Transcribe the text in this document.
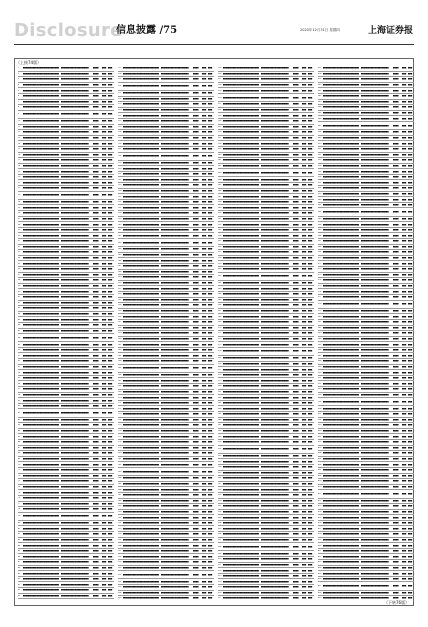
Disclosure
信息披露 /75	2020年12月31日 星期四	上海证券报
（上接74版）
1	██████████████████████████	████████████████████	████	███	███
2	██████████████████████████	████████████████████	████	███	███
3	██████████████████████████	████████████████████	████	███	███
4	██████████████████████████	████████████████████	████	███	███
5	██████████████████████████	████████████████████	████	███	███
6	██████████████████████████	████████████████████	████	███	███
7	██████████████████████████	████████████████████	████	███	███
8	██████████████████████████	████████████████████	████	███	███
9	██████████████████████████	████████████████████	████	███	███
10	██████████████████████████	████████████████████	████	███	███
11	██████████████████████████	████████████████████	████	███	███
12	██████████████████████████	████████████████████	████	███	███
13	██████████████████████████	████████████████████	████	███	███
14	██████████████████████████	████████████████████	████	███	███
15	██████████████████████████	████████████████████	████	███	███
16	██████████████████████████	████████████████████	████	███	███
17	██████████████████████████	████████████████████	████	███	███
18	██████████████████████████	████████████████████	████	███	███
19	██████████████████████████	████████████████████	████	███	███
20	██████████████████████████	████████████████████	████	███	███
21	██████████████████████████	████████████████████	████	███	███
22	██████████████████████████	████████████████████	████	███	███
23	██████████████████████████	████████████████████	████	███	███
24	██████████████████████████	████████████████████	████	███	███
25	██████████████████████████	████████████████████	████	███	███
26	██████████████████████████	████████████████████	████	███	███
27	██████████████████████████	████████████████████	████	███	███
28	██████████████████████████	████████████████████	████	███	███
29	██████████████████████████	████████████████████	████	███	███
30	██████████████████████████	████████████████████	████	███	███
31	██████████████████████████	████████████████████	████	███	███
32	██████████████████████████	████████████████████	████	███	███
33	██████████████████████████	████████████████████	████	███	███
34	██████████████████████████	████████████████████	████	███	███
35	██████████████████████████	████████████████████	████	███	███
36	██████████████████████████	████████████████████	████	███	███
37	██████████████████████████	████████████████████	████	███	███
38	██████████████████████████	████████████████████	████	███	███
39	██████████████████████████	████████████████████	████	███	███
40	██████████████████████████	████████████████████	████	███	███
41	██████████████████████████	████████████████████	████	███	███
42	██████████████████████████	████████████████████	████	███	███
43	██████████████████████████	████████████████████	████	███	███
44	██████████████████████████	████████████████████	████	███	███
45	██████████████████████████	████████████████████	████	███	███
46	██████████████████████████	████████████████████	████	███	███
47	██████████████████████████	████████████████████	████	███	███
48	██████████████████████████	████████████████████	████	███	███
49	██████████████████████████	████████████████████	████	███	███
50	██████████████████████████	████████████████████	████	███	███
51	██████████████████████████	████████████████████	████	███	███
52	██████████████████████████	████████████████████	████	███	███
53	██████████████████████████	████████████████████	████	███	███
54	██████████████████████████	████████████████████	████	███	███
55	██████████████████████████	████████████████████	████	███	███
56	██████████████████████████	████████████████████	████	███	███
57	██████████████████████████	████████████████████	████	███	███
58	██████████████████████████	████████████████████	████	███	███
59	██████████████████████████	████████████████████	████	███	███
60	██████████████████████████	████████████████████	████	███	███
61	██████████████████████████	████████████████████	████	███	███
62	██████████████████████████	████████████████████	████	███	███
63	██████████████████████████	████████████████████	████	███	███
64	██████████████████████████	████████████████████	████	███	███
65	██████████████████████████	████████████████████	████	███	███
66	██████████████████████████	████████████████████	████	███	███
67	██████████████████████████	████████████████████	████	███	███
68	██████████████████████████	████████████████████	████	███	███
69	██████████████████████████	████████████████████	████	███	███
70	██████████████████████████	████████████████████	████	███	███
71	██████████████████████████	████████████████████	████	███	███
72	██████████████████████████	████████████████████	████	███	███
73	██████████████████████████	████████████████████	████	███	███
74	██████████████████████████	████████████████████	████	███	███
75	██████████████████████████	████████████████████	████	███	███
76	██████████████████████████	████████████████████	████	███	███
77	██████████████████████████	████████████████████	████	███	███
78	██████████████████████████	████████████████████	████	███	███
79	██████████████████████████	████████████████████	████	███	███
80	██████████████████████████	████████████████████	████	███	███
81	██████████████████████████	████████████████████	████	███	███
82	██████████████████████████	████████████████████	████	███	███
83	██████████████████████████	████████████████████	████	███	███
84	██████████████████████████	████████████████████	████	███	███
85	██████████████████████████	████████████████████	████	███	███
86	██████████████████████████	████████████████████	████	███	███
87	██████████████████████████	████████████████████	████	███	███
88	██████████████████████████	████████████████████	████	███	███
89	██████████████████████████	████████████████████	████	███	███
90	██████████████████████████	████████████████████	████	███	███
91	██████████████████████████	████████████████████	████	███	███
92	██████████████████████████	████████████████████	████	███	███
93	██████████████████████████	████████████████████	████	███	███
113 ██████████████████████████	████████████████████	████	███	███
114 ██████████████████████████	████████████████████	████	███	███
115 ██████████████████████████	████████████████████	████	███	███
116 ██████████████████████████	████████████████████	████	███	███
117 ██████████████████████████	████████████████████	████	███	███
118 ██████████████████████████	████████████████████	████	███	███
119 ██████████████████████████	████████████████████	████	███	███
120 ██████████████████████████	████████████████████	████	███	███
121 ██████████████████████████	████████████████████	████	███	███
122 ██████████████████████████	████████████████████	████	███	███
123 ██████████████████████████	████████████████████	████	███	███
124 ██████████████████████████	████████████████████	████	███	███
125 ██████████████████████████	████████████████████	████	███	███
126 ██████████████████████████	████████████████████	████	███	███
127 ██████████████████████████	████████████████████	████	███	███
128 ██████████████████████████	████████████████████	████	███	███
129 ██████████████████████████	████████████████████	████	███	███
130 ██████████████████████████	████████████████████	████	███	███
131 ██████████████████████████	████████████████████	████	███	███
132 ██████████████████████████	████████████████████	████	███	███
133 ██████████████████████████	████████████████████	████	███	███
134 ██████████████████████████	████████████████████	████	███	███
135 ██████████████████████████	████████████████████	████	███	███
136 ██████████████████████████	████████████████████	████	███	███
137 ██████████████████████████	████████████████████	████	███	███
138 ██████████████████████████	████████████████████	████	███	███
139 ██████████████████████████	████████████████████	████	███	███
140 ██████████████████████████	████████████████████	████	███	███
141 ██████████████████████████	████████████████████	████	███	███
142 ██████████████████████████	████████████████████	████	███	███
143 ██████████████████████████	████████████████████	████	███	███
144 ██████████████████████████	████████████████████	████	███	███
145 ██████████████████████████	████████████████████	████	███	███
146 ██████████████████████████	████████████████████	████	███	███
147 ██████████████████████████	████████████████████	████	███	███
148 ██████████████████████████	████████████████████	████	███	███
149 ██████████████████████████	████████████████████	████	███	███
150 ██████████████████████████	████████████████████	████	███	███
151 ██████████████████████████	████████████████████	████	███	███
152 ██████████████████████████	████████████████████	████	███	███
153 ██████████████████████████	████████████████████	████	███	███
154 ██████████████████████████	████████████████████	████	███	███
155 ██████████████████████████	████████████████████	████	███	███
156 ██████████████████████████	████████████████████	████	███	███
157 ██████████████████████████	████████████████████	████	███	███
158 ██████████████████████████	████████████████████	████	███	███
159 ██████████████████████████	████████████████████	████	███	███
160 ██████████████████████████	████████████████████	████	███	███
161 ██████████████████████████	████████████████████	████	███	███
162 ██████████████████████████	████████████████████	████	███	███
163 ██████████████████████████	████████████████████	████	███	███
164 ██████████████████████████	████████████████████	████	███	███
165 ██████████████████████████	████████████████████	████	███	███
166 ██████████████████████████	████████████████████	████	███	███
167 ██████████████████████████	████████████████████	████	███	███
168 ██████████████████████████	████████████████████	████	███	███
169 ██████████████████████████	████████████████████	████	███	███
170 ██████████████████████████	████████████████████	████	███	███
171 ██████████████████████████	████████████████████	████	███	███
172 ██████████████████████████	████████████████████	████	███	███
173 ██████████████████████████	████████████████████	████	███	███
174 ██████████████████████████	████████████████████	████	███	███
175 ██████████████████████████	████████████████████	████	███	███
176 ██████████████████████████	████████████████████	████	███	███
177 ██████████████████████████	████████████████████	████	███	███
178 ██████████████████████████	████████████████████	████	███	███
179 ██████████████████████████	████████████████████	████	███	███
180 ██████████████████████████	████████████████████	████	███	███
181 ██████████████████████████	████████████████████	████	███	███
182 ██████████████████████████	████████████████████	████	███	███
183 ██████████████████████████	████████████████████	████	███	███
184 ██████████████████████████	████████████████████	████	███	███
185 ██████████████████████████	████████████████████	████	███	███
186 ██████████████████████████	████████████████████	████	███	███
187 ██████████████████████████	████████████████████	████	███	███
188 ██████████████████████████	████████████████████	████	███	███
189 ██████████████████████████	████████████████████	████	███	███
190 ██████████████████████████	████████████████████	████	███	███
191 ██████████████████████████	████████████████████	████	███	███
192 ██████████████████████████	████████████████████	████	███	███
193 ██████████████████████████	████████████████████	████	███	███
194 ██████████████████████████	████████████████████	████	███	███
195 ██████████████████████████	████████████████████	████	███	███
196 ██████████████████████████	████████████████████	████	███	███
197 ██████████████████████████	████████████████████	████	███	███
198 ██████████████████████████	████████████████████	████	███	███
199 ██████████████████████████	████████████████████	████	███	███
200 ██████████████████████████	████████████████████	████	███	███
201 ██████████████████████████	████████████████████	████	███	███
202 ██████████████████████████	████████████████████	████	███	███
203 ██████████████████████████	████████████████████	████	███	███
204 ██████████████████████████	████████████████████	████	███	███
205 ██████████████████████████	████████████████████	████	███	███
225 ██████████████████████████	████████████████████	████	███	███
226 ██████████████████████████	████████████████████	████	███	███
227 ██████████████████████████	████████████████████	████	███	███
228 ██████████████████████████	████████████████████	████	███	███
229 ██████████████████████████	████████████████████	████	███	███
230 ██████████████████████████	████████████████████	████	███	███
231 ██████████████████████████	████████████████████	████	███	███
232 ██████████████████████████	████████████████████	████	███	███
233 ██████████████████████████	████████████████████	████	███	███
234 ██████████████████████████	████████████████████	████	███	███
235 ██████████████████████████	████████████████████	████	███	███
236 ██████████████████████████	████████████████████	████	███	███
237 ██████████████████████████	████████████████████	████	███	███
238 ██████████████████████████	████████████████████	████	███	███
239 ██████████████████████████	████████████████████	████	███	███
240 ██████████████████████████	████████████████████	████	███	███
241 ██████████████████████████	████████████████████	████	███	███
242 ██████████████████████████	████████████████████	████	███	███
243 ██████████████████████████	████████████████████	████	███	███
244 ██████████████████████████	████████████████████	████	███	███
245 ██████████████████████████	████████████████████	████	███	███
246 ██████████████████████████	████████████████████	████	███	███
247 ██████████████████████████	████████████████████	████	███	███
248 ██████████████████████████	████████████████████	████	███	███
249 ██████████████████████████	████████████████████	████	███	███
250 ██████████████████████████	████████████████████	████	███	███
251 ██████████████████████████	████████████████████	████	███	███
252 ██████████████████████████	████████████████████	████	███	███
253 ██████████████████████████	████████████████████	████	███	███
254 ██████████████████████████	████████████████████	████	███	███
255 ██████████████████████████	████████████████████	████	███	███
256 ██████████████████████████	████████████████████	████	███	███
257 ██████████████████████████	████████████████████	████	███	███
258 ██████████████████████████	████████████████████	████	███	███
259 ██████████████████████████	████████████████████	████	███	███
260 ██████████████████████████	████████████████████	████	███	███
261 ██████████████████████████	████████████████████	████	███	███
262 ██████████████████████████	████████████████████	████	███	███
263 ██████████████████████████	████████████████████	████	███	███
264 ██████████████████████████	████████████████████	████	███	███
265 ██████████████████████████	████████████████████	████	███	███
266 ██████████████████████████	████████████████████	████	███	███
267 ██████████████████████████	████████████████████	████	███	███
268 ██████████████████████████	████████████████████	████	███	███
269 ██████████████████████████	████████████████████	████	███	███
270 ██████████████████████████	████████████████████	████	███	███
271 ██████████████████████████	████████████████████	████	███	███
272 ██████████████████████████	████████████████████	████	███	███
273 ██████████████████████████	████████████████████	████	███	███
274 ██████████████████████████	████████████████████	████	███	███
275 ██████████████████████████	████████████████████	████	███	███
276 ██████████████████████████	████████████████████	████	███	███
277 ██████████████████████████	████████████████████	████	███	███
278 ██████████████████████████	████████████████████	████	███	███
279 ██████████████████████████	████████████████████	████	███	███
280 ██████████████████████████	████████████████████	████	███	███
281 ██████████████████████████	████████████████████	████	███	███
282 ██████████████████████████	████████████████████	████	███	███
283 ██████████████████████████	████████████████████	████	███	███
284 ██████████████████████████	████████████████████	████	███	███
285 ██████████████████████████	████████████████████	████	███	███
286 ██████████████████████████	████████████████████	████	███	███
287 ██████████████████████████	████████████████████	████	███	███
288 ██████████████████████████	████████████████████	████	███	███
289 ██████████████████████████	████████████████████	████	███	███
290 ██████████████████████████	████████████████████	████	███	███
291 ██████████████████████████	████████████████████	████	███	███
292 ██████████████████████████	████████████████████	████	███	███
293 ██████████████████████████	████████████████████	████	███	███
294 ██████████████████████████	████████████████████	████	███	███
295 ██████████████████████████	████████████████████	████	███	███
296 ██████████████████████████	████████████████████	████	███	███
297 ██████████████████████████	████████████████████	████	███	███
298 ██████████████████████████	████████████████████	████	███	███
299 ██████████████████████████	████████████████████	████	███	███
300 ██████████████████████████	████████████████████	████	███	███
301 ██████████████████████████	████████████████████	████	███	███
302 ██████████████████████████	████████████████████	████	███	███
303 ██████████████████████████	████████████████████	████	███	███
304 ██████████████████████████	████████████████████	████	███	███
305 ██████████████████████████	████████████████████	████	███	███
306 ██████████████████████████	████████████████████	████	███	███
307 ██████████████████████████	████████████████████	████	███	███
308 ██████████████████████████	████████████████████	████	███	███
309 ██████████████████████████	████████████████████	████	███	███
310 ██████████████████████████	████████████████████	████	███	███
311 ██████████████████████████	████████████████████	████	███	███
312 ██████████████████████████	████████████████████	████	███	███
313 ██████████████████████████	████████████████████	████	███	███
314 ██████████████████████████	████████████████████	████	███	███
315 ██████████████████████████	████████████████████	████	███	███
316 ██████████████████████████	████████████████████	████	███	███
317 ██████████████████████████	████████████████████	████	███	███
337 ██████████████████████████	████████████████████	████	███	███
338 ██████████████████████████	████████████████████	████	███	███
339 ██████████████████████████	████████████████████	████	███	███
340 ██████████████████████████	████████████████████	████	███	███
341 ██████████████████████████	████████████████████	████	███	███
342 ██████████████████████████	████████████████████	████	███	███
343 ██████████████████████████	████████████████████	████	███	███
344 ██████████████████████████	████████████████████	████	███	███
345 ██████████████████████████	████████████████████	████	███	███
346 ██████████████████████████	████████████████████	████	███	███
347 ██████████████████████████	████████████████████	████	███	███
348 ██████████████████████████	████████████████████	████	███	███
349 ██████████████████████████	████████████████████	████	███	███
350 ██████████████████████████	████████████████████	████	███	███
351 ██████████████████████████	████████████████████	████	███	███
352 ██████████████████████████	████████████████████	████	███	███
353 ██████████████████████████	████████████████████	████	███	███
354 ██████████████████████████	████████████████████	████	███	███
355 ██████████████████████████	████████████████████	████	███	███
356 ██████████████████████████	████████████████████	████	███	███
357 ██████████████████████████	████████████████████	████	███	███
358 ██████████████████████████	████████████████████	████	███	███
359 ██████████████████████████	████████████████████	████	███	███
360 ██████████████████████████	████████████████████	████	███	███
361 ██████████████████████████	████████████████████	████	███	███
362 ██████████████████████████	████████████████████	████	███	███
363 ██████████████████████████	████████████████████	████	███	███
364 ██████████████████████████	████████████████████	████	███	███
365 ██████████████████████████	████████████████████	████	███	███
366 ██████████████████████████	████████████████████	████	███	███
367 ██████████████████████████	████████████████████	████	███	███
368 ██████████████████████████	████████████████████	████	███	███
369 ██████████████████████████	████████████████████	████	███	███
370 ██████████████████████████	████████████████████	████	███	███
371 ██████████████████████████	████████████████████	████	███	███
372 ██████████████████████████	████████████████████	████	███	███
373 ██████████████████████████	████████████████████	████	███	███
374 ██████████████████████████	████████████████████	████	███	███
375 ██████████████████████████	████████████████████	████	███	███
376 ██████████████████████████	████████████████████	████	███	███
377 ██████████████████████████	████████████████████	████	███	███
378 ██████████████████████████	████████████████████	████	███	███
379 ██████████████████████████	████████████████████	████	███	███
380 ██████████████████████████	████████████████████	████	███	███
381 ██████████████████████████	████████████████████	████	███	███
382 ██████████████████████████	████████████████████	████	███	███
383 ██████████████████████████	████████████████████	████	███	███
384 ██████████████████████████	████████████████████	████	███	███
385 ██████████████████████████	████████████████████	████	███	███
386 ██████████████████████████	████████████████████	████	███	███
387 ██████████████████████████	████████████████████	████	███	███
388 ██████████████████████████	████████████████████	████	███	███
389 ██████████████████████████	████████████████████	████	███	███
390 ██████████████████████████	████████████████████	████	███	███
391 ██████████████████████████	████████████████████	████	███	███
392 ██████████████████████████	████████████████████	████	███	███
393 ██████████████████████████	████████████████████	████	███	███
394 ██████████████████████████	████████████████████	████	███	███
395 ██████████████████████████	████████████████████	████	███	███
396 ██████████████████████████	████████████████████	████	███	███
397 ██████████████████████████	████████████████████	████	███	███
398 ██████████████████████████	████████████████████	████	███	███
399 ██████████████████████████	████████████████████	████	███	███
400 ██████████████████████████	████████████████████	████	███	███
401 ██████████████████████████	████████████████████	████	███	███
402 ██████████████████████████	████████████████████	████	███	███
403 ██████████████████████████	████████████████████	████	███	███
404 ██████████████████████████	████████████████████	████	███	███
405 ██████████████████████████	████████████████████	████	███	███
406 ██████████████████████████	████████████████████	████	███	███
407 ██████████████████████████	████████████████████	████	███	███
408 ██████████████████████████	████████████████████	████	███	███
409 ██████████████████████████	████████████████████	████	███	███
410 ██████████████████████████	████████████████████	████	███	███
411 ██████████████████████████	████████████████████	████	███	███
412 ██████████████████████████	████████████████████	████	███	███
413 ██████████████████████████	████████████████████	████	███	███
414 ██████████████████████████	████████████████████	████	███	███
415 ██████████████████████████	████████████████████	████	███	███
416 ██████████████████████████	████████████████████	████	███	███
417 ██████████████████████████	████████████████████	████	███	███
418 ██████████████████████████	████████████████████	████	███	███
419 ██████████████████████████	████████████████████	████	███	███
420 ██████████████████████████	████████████████████	████	███	███
421 ██████████████████████████	████████████████████	████	███	███
422 ██████████████████████████	████████████████████	████	███	███
423 ██████████████████████████	████████████████████	████	███	███
424 ██████████████████████████	████████████████████	████	███	███
425 ██████████████████████████	████████████████████	████	███	███
426 ██████████████████████████	████████████████████	████	███	███
427 ██████████████████████████	████████████████████	████	███	███
428 ██████████████████████████	████████████████████	████	███	███
429 ██████████████████████████	████████████████████	████	███	███
（下转76版）
